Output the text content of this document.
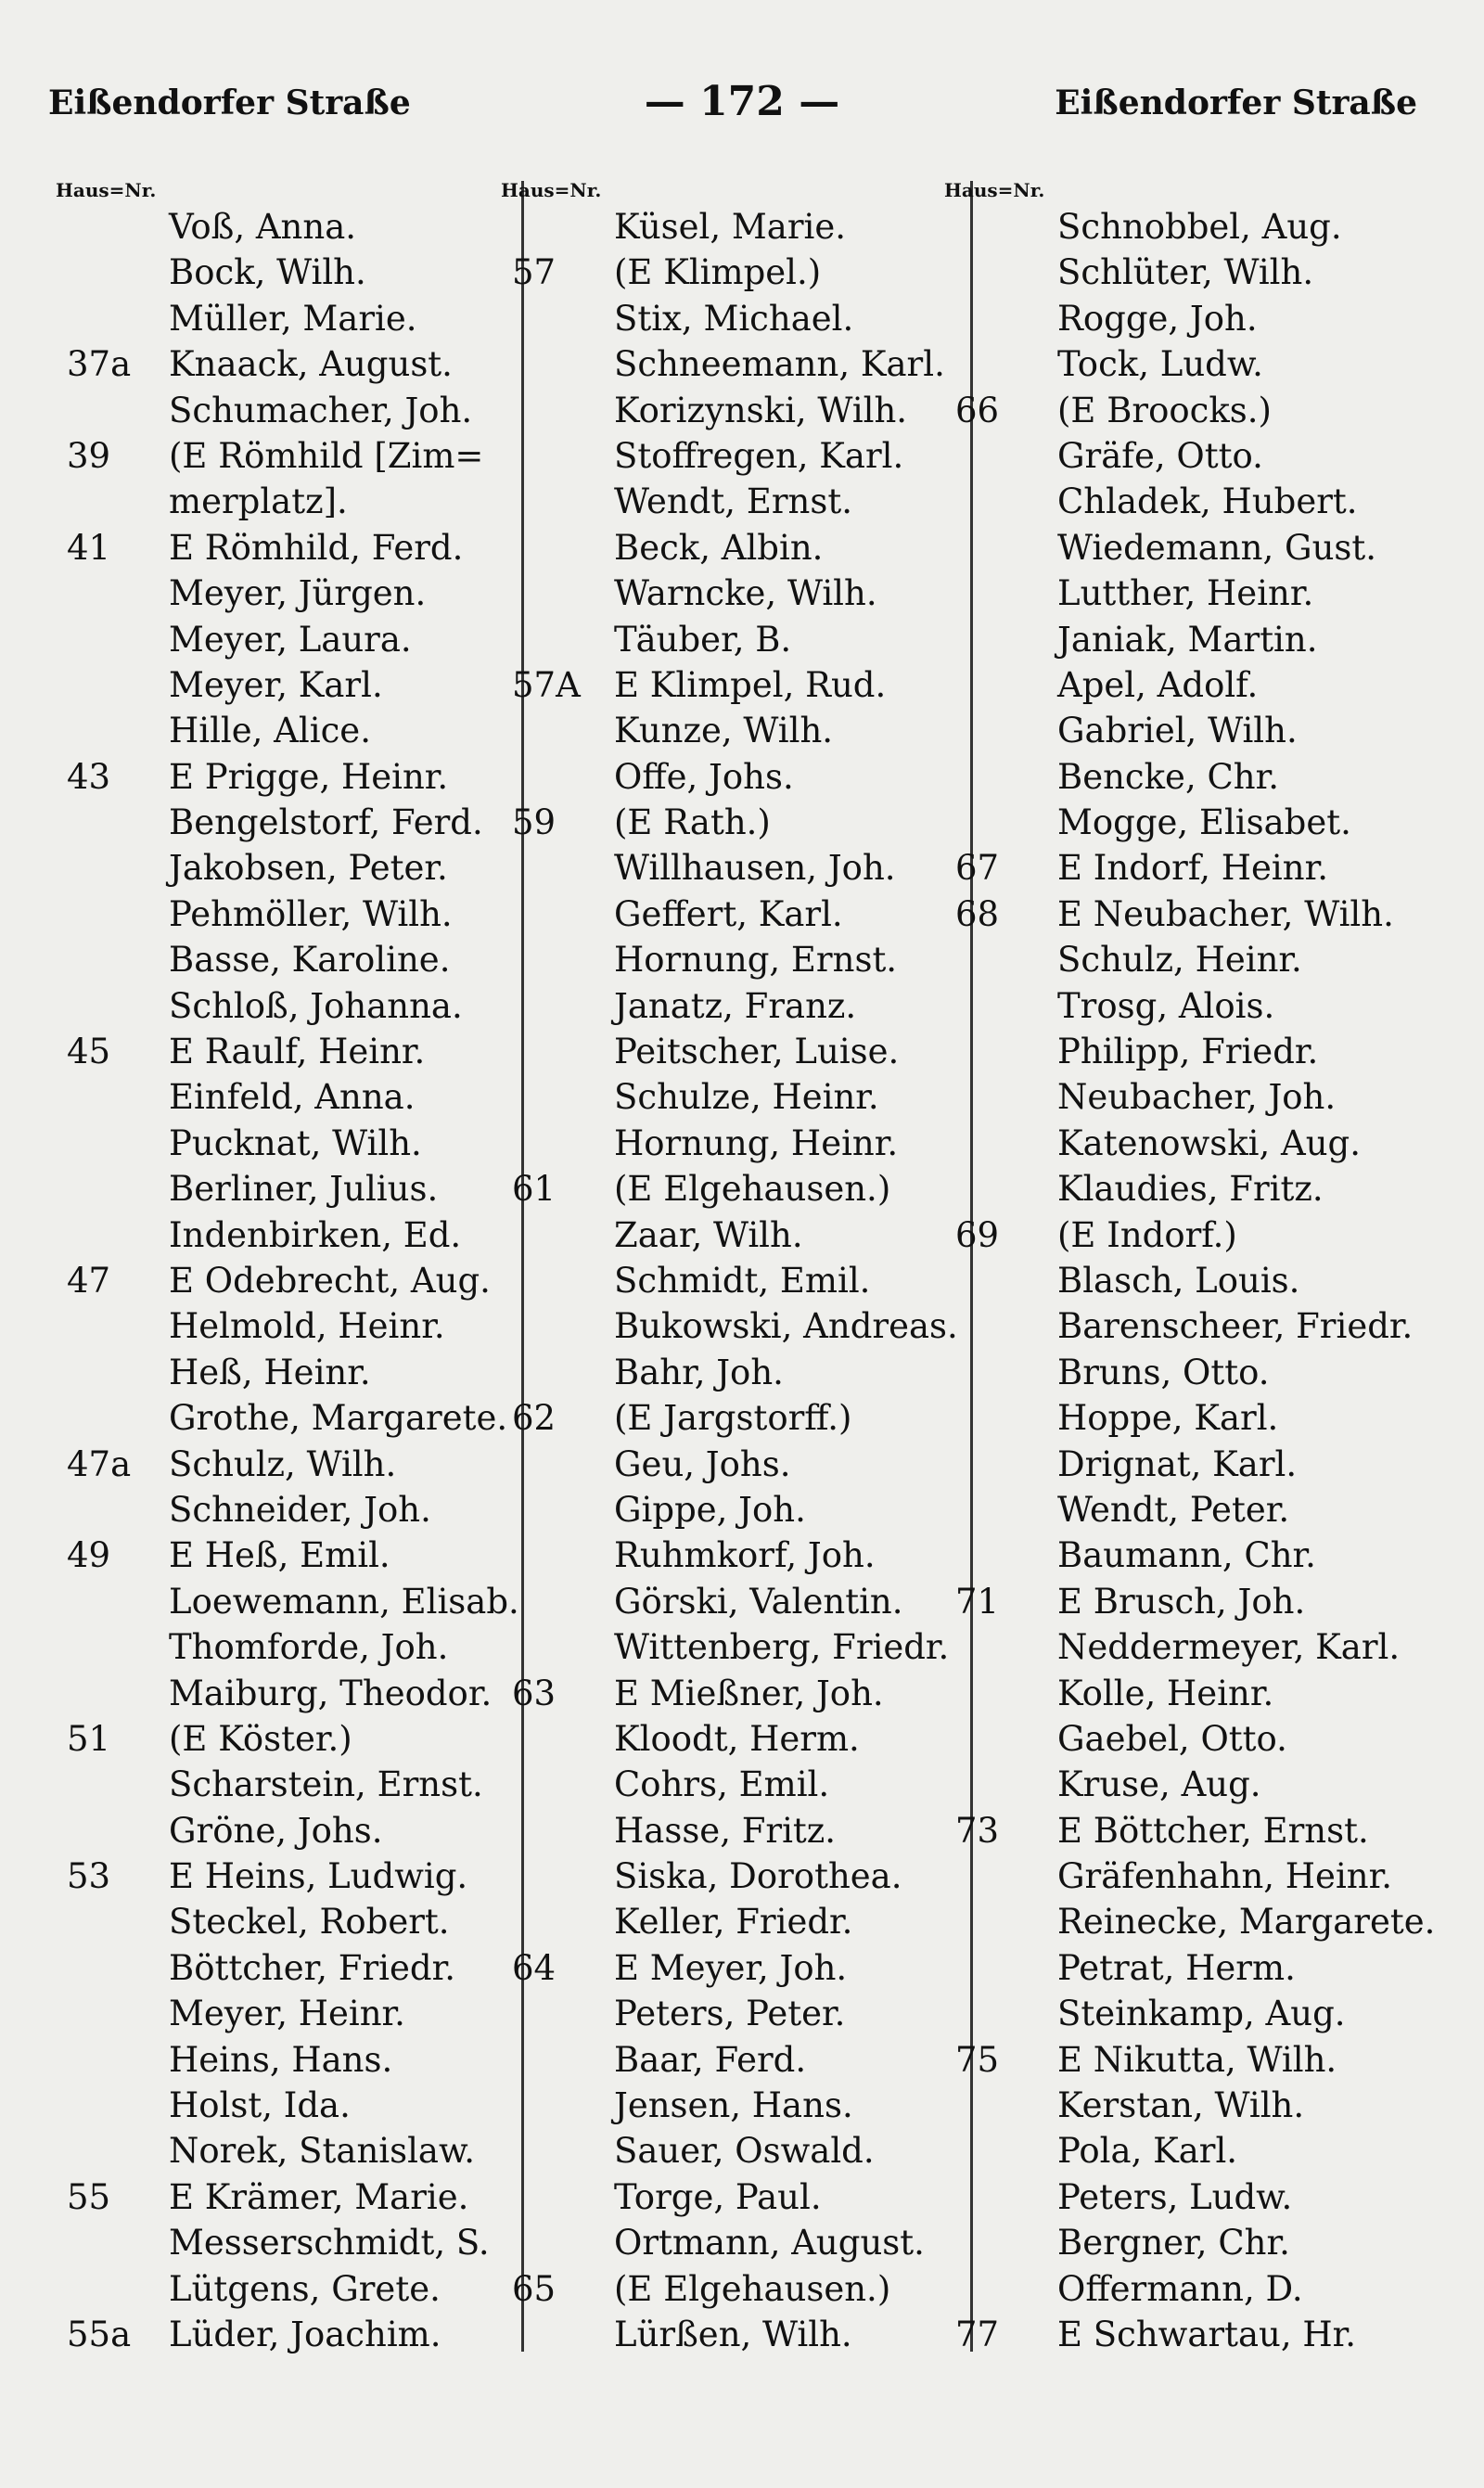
Eißendorfer Straße	— 172 —	Eißendorfer Straße
Haus=Nr.
Voß, Anna.
Bock, Wilh.
Müller, Marie.
37a Knaack, August.
Schumacher, Joh.
39	(E Römhild [Zim=
merplatz].
41	E Römhild, Ferd.
Meyer, Jürgen.
Meyer, Laura.
Meyer, Karl.
Hille, Alice.
43	E Prigge, Heinr.
Bengelstorf, Ferd.
Jakobsen, Peter.
Pehmöller, Wilh.
Basse, Karoline.
Schloß, Johanna.
45	E Raulf, Heinr.
Einfeld, Anna.
Pucknat, Wilh.
Berliner, Julius.
Indenbirken, Ed.
47	E Odebrecht, Aug.
Helmold, Heinr.
Heß, Heinr.
Grothe, Margarete.
47a Schulz, Wilh.
Schneider, Joh.
49	E Heß, Emil.
Loewemann, Elisab.
Thomforde, Joh.
Maiburg, Theodor.
51	(E Köster.)
Scharstein, Ernst.
Gröne, Johs.
53	E Heins, Ludwig.
Steckel, Robert.
Böttcher, Friedr.
Meyer, Heinr.
Heins, Hans.
Holst, Ida.
Norek, Stanislaw.
55	E Krämer, Marie.
Messerschmidt, S.
Lütgens, Grete.
55a Lüder, Joachim.
Haus=Nr.
Küsel, Marie.
57	(E Klimpel.)
Stix, Michael.
Schneemann, Karl.
Korizynski, Wilh.
Stoffregen, Karl.
Wendt, Ernst.
Beck, Albin.
Warncke, Wilh.
Täuber, B.
57A E Klimpel, Rud.
Kunze, Wilh.
Offe, Johs.
59	(E Rath.)
Willhausen, Joh.
Geffert, Karl.
Hornung, Ernst.
Janatz, Franz.
Peitscher, Luise.
Schulze, Heinr.
Hornung, Heinr.
61	(E Elgehausen.)
Zaar, Wilh.
Schmidt, Emil.
Bukowski, Andreas.
Bahr, Joh.
62	(E Jargstorff.)
Geu, Johs.
Gippe, Joh.
Ruhmkorf, Joh.
Görski, Valentin.
Wittenberg, Friedr.
63	E Mießner, Joh.
Kloodt, Herm.
Cohrs, Emil.
Hasse, Fritz.
Siska, Dorothea.
Keller, Friedr.
64	E Meyer, Joh.
Peters, Peter.
Baar, Ferd.
Jensen, Hans.
Sauer, Oswald.
Torge, Paul.
Ortmann, August.
65	(E Elgehausen.)
Lürßen, Wilh.
Haus=Nr.
Schnobbel, Aug.
Schlüter, Wilh.
Rogge, Joh.
Tock, Ludw.
66	(E Broocks.)
Gräfe, Otto.
Chladek, Hubert.
Wiedemann, Gust.
Lutther, Heinr.
Janiak, Martin.
Apel, Adolf.
Gabriel, Wilh.
Bencke, Chr.
Mogge, Elisabet.
67	E Indorf, Heinr.
68	E Neubacher, Wilh.
Schulz, Heinr.
Trosg, Alois.
Philipp, Friedr.
Neubacher, Joh.
Katenowski, Aug.
Klaudies, Fritz.
69	(E Indorf.)
Blasch, Louis.
Barenscheer, Friedr.
Bruns, Otto.
Hoppe, Karl.
Drignat, Karl.
Wendt, Peter.
Baumann, Chr.
71	E Brusch, Joh.
Neddermeyer, Karl.
Kolle, Heinr.
Gaebel, Otto.
Kruse, Aug.
73	E Böttcher, Ernst.
Gräfenhahn, Heinr.
Reinecke, Margarete.
Petrat, Herm.
Steinkamp, Aug.
75	E Nikutta, Wilh.
Kerstan, Wilh.
Pola, Karl.
Peters, Ludw.
Bergner, Chr.
Offermann, D.
77	E Schwartau, Hr.
